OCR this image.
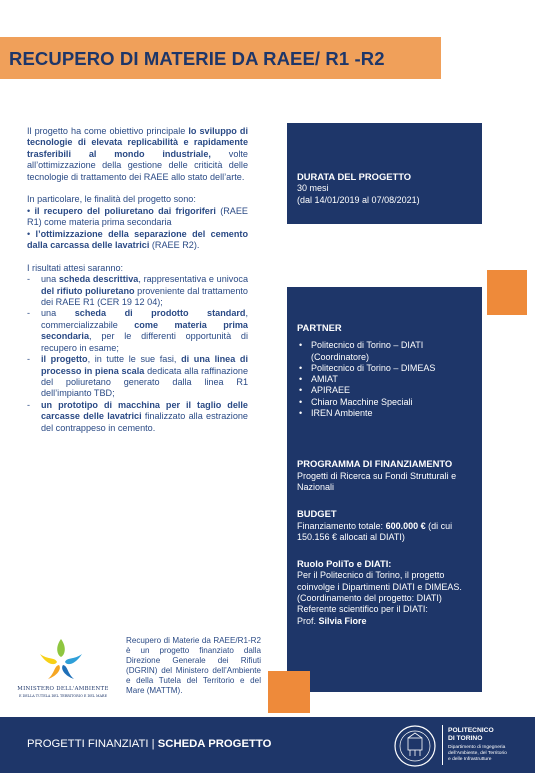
RECUPERO DI MATERIE DA RAEE/ R1 -R2

Il progetto ha come obiettivo principale lo sviluppo di tecnologie di elevata replicabilità e rapidamente trasferibili al mondo industriale, volte all’ottimizzazione della gestione delle criticità delle tecnologie di trattamento dei RAEE allo stato dell’arte.

In particolare, le finalità del progetto sono:

• il recupero del poliuretano dai frigoriferi (RAEE R1) come materia prima secondaria

• l’ottimizzazione della separazione del cemento dalla carcassa delle lavatrici (RAEE R2).

I risultati attesi saranno:

- una scheda descrittiva, rappresentativa e univoca del rifiuto poliuretano proveniente dal trattamento dei RAEE R1 (CER 19 12 04);
- una scheda di prodotto standard, commercializzabile come materia prima secondaria, per le differenti opportunità di recupero in esame;
- il progetto, in tutte le sue fasi, di una linea di processo in piena scala dedicata alla raffinazione del poliuretano generato dalla linea R1 dell’impianto TBD;
- un prototipo di macchina per il taglio delle carcasse delle lavatrici finalizzato alla estrazione del contrappeso in cemento.
DURATA DEL PROGETTO

30 mesi

(dal 14/01/2019 al 07/08/2021)

PARTNER
• Politecnico di Torino – DIATI (Coordinatore)
• Politecnico di Torino – DIMEAS
• AMIAT
• APIRAEE
• Chiaro Macchine Speciali
• IREN Ambiente
PROGRAMMA DI FINANZIAMENTO

Progetti di Ricerca su Fondi Strutturali e Nazionali

BUDGET

Finanziamento totale: 600.000 € (di cui 150.156 € allocati al DIATI)

Ruolo PoliTo e DIATI:

Per il Politecnico di Torino, il progetto coinvolge i Dipartimenti DIATI e DIMEAS. (Coordinamento del progetto: DIATI) Referente scientifico per il DIATI:

Prof. Silvia Fiore

MINISTERO DELL'AMBIENTE
E DELLA TUTELA DEL TERRITORIO E DEL MARE

Recupero di Materie da RAEE/R1-R2 è un progetto finanziato dalla Direzione Generale dei Rifiuti (DGRIN) del Ministero dell’Ambiente e della Tutela del Territorio e del Mare (MATTM).

PROGETTI FINANZIATI | SCHEDA PROGETTO
POLITECNICO
DI TORINO
Dipartimento di Ingegneria
dell’Ambiente, del Territorio
e delle Infrastrutture
